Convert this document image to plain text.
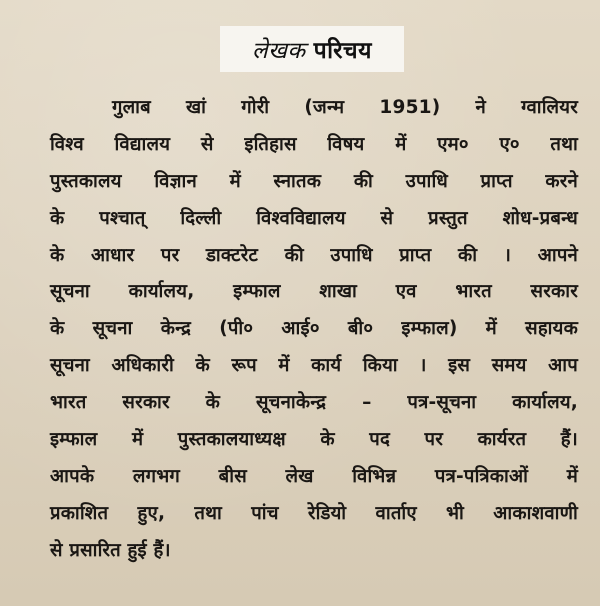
लेखक परिचय
गुलाब खां गोरी (जन्म 1951) ने ग्वालियर
विश्व विद्यालय से इतिहास विषय में एम० ए० तथा
पुस्तकालय विज्ञान में स्नातक की उपाधि प्राप्त करने
के पश्चात् दिल्ली विश्वविद्यालय से प्रस्तुत शोध-प्रबन्ध
के आधार पर डाक्टरेट की उपाधि प्राप्त की । आपने
सूचना कार्यालय, इम्फाल शाखा एव भारत सरकार
के सूचना केन्द्र (पी० आई० बी० इम्फाल) में सहायक
सूचना अधिकारी के रूप में कार्य किया । इस समय आप
भारत सरकार के सूचनाकेन्द्र – पत्र-सूचना कार्यालय,
इम्फाल में पुस्तकालयाध्यक्ष के पद पर कार्यरत हैं।
आपके लगभग बीस लेख विभिन्न पत्र-पत्रिकाओं में
प्रकाशित हुए, तथा पांच रेडियो वार्ताए भी आकाशवाणी
से प्रसारित हुई हैं।
